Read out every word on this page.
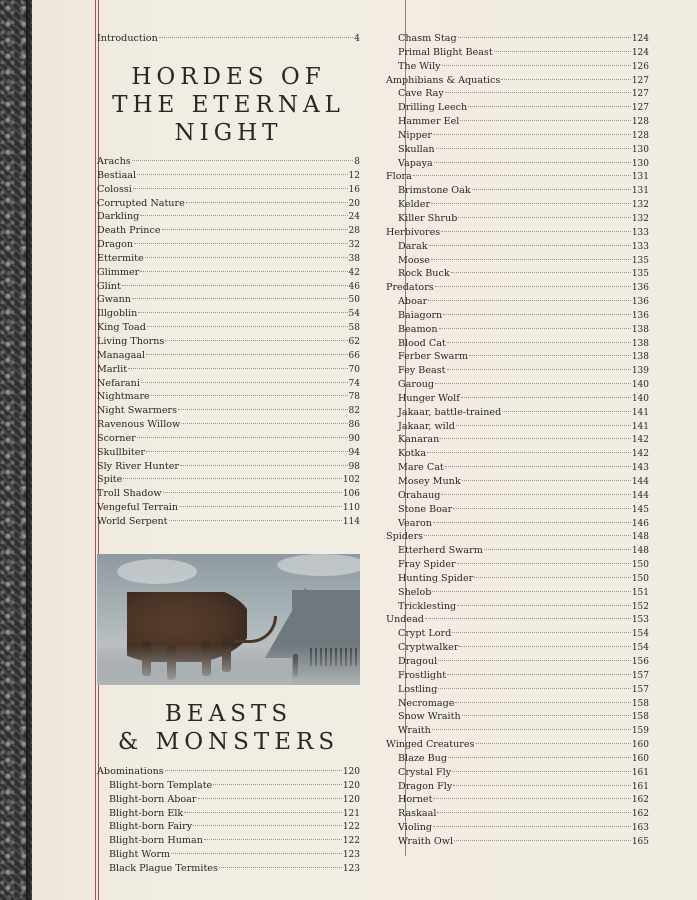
Introduction	4
HORDES OF
THE ETERNAL
NIGHT
Arachs	8
Bestiaal	12
Colossi	16
Corrupted Nature	20
Darkling	24
Death Prince	28
Dragon	32
Ettermite	38
Glimmer	42
Glint	46
Gwann	50
Illgoblin	54
King Toad	58
Living Thorns	62
Managaal	66
Marlit	70
Nefarani	74
Nightmare	78
Night Swarmers	82
Ravenous Willow	86
Scorner	90
Skullbiter	94
Sly River Hunter	98
Spite	102
Troll Shadow	106
Vengeful Terrain	110
World Serpent	114
BEASTS
& MONSTERS
Abominations	120
Blight-born Template	120
Blight-born Aboar	120
Blight-born Elk	121
Blight-born Fairy	122
Blight-born Human	122
Blight Worm	123
Black Plague Termites	123
Chasm Stag	124
Primal Blight Beast	124
The Wily	126
Amphibians & Aquatics	127
Cave Ray	127
Drilling Leech	127
Hammer Eel	128
Nipper	128
Skullan	130
Vapaya	130
Flora	131
Brimstone Oak	131
Kelder	132
Killer Shrub	132
Herbivores	133
Darak	133
Moose	135
Rock Buck	135
Predators	136
Aboar	136
Baiagorn	136
Beamon	138
Blood Cat	138
Ferber Swarm	138
Fey Beast	139
Garoug	140
Hunger Wolf	140
Jakaar, battle-trained	141
Jakaar, wild	141
Kanaran	142
Kotka	142
Mare Cat	143
Mosey Munk	144
Orahaug	144
Stone Boar	145
Vearon	146
Spiders	148
Etterherd Swarm	148
Fray Spider	150
Hunting Spider	150
Shelob	151
Tricklesting	152
Undead	153
Crypt Lord	154
Cryptwalker	154
Dragoul	156
Frostlight	157
Lostling	157
Necromage	158
Snow Wraith	158
Wraith	159
Winged Creatures	160
Blaze Bug	160
Crystal Fly	161
Dragon Fly	161
Hornet	162
Raskaal	162
Violing	163
Wraith Owl	165
